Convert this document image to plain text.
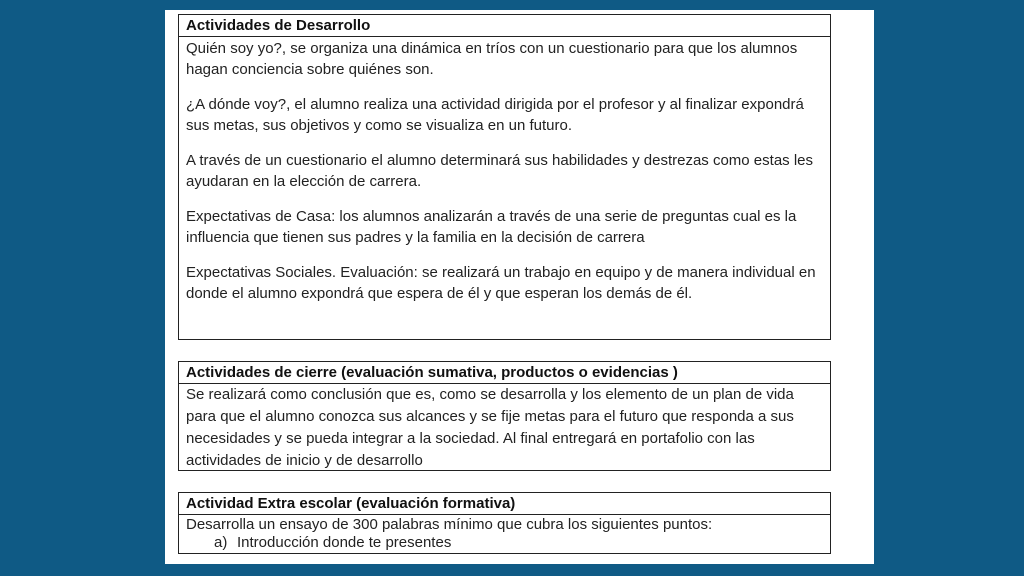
Actividades de Desarrollo

Quién soy yo?, se organiza una dinámica en tríos con un cuestionario para que los alumnos hagan conciencia sobre quiénes son.

¿A dónde voy?, el alumno realiza una actividad dirigida por el profesor y al finalizar expondrá sus metas, sus objetivos y como se visualiza en un futuro.

A través de un cuestionario el alumno determinará sus habilidades y destrezas como estas les ayudaran en la elección de carrera.

Expectativas de Casa: los alumnos analizarán a través de una serie de preguntas cual es la influencia que tienen sus padres y la familia en la decisión de carrera

Expectativas Sociales. Evaluación: se realizará un trabajo en equipo y de manera individual en donde el alumno expondrá que espera de él y que esperan los demás de él.

Actividades de cierre (evaluación sumativa, productos o evidencias )
Se realizará como conclusión que es, como se desarrolla y los elemento de un plan de vida para que el alumno conozca sus alcances y se fije metas para el futuro que responda a sus necesidades y se pueda integrar a la sociedad. Al final entregará en portafolio con las actividades de inicio y de desarrollo
Actividad Extra escolar (evaluación formativa)
Desarrolla un ensayo de 300 palabras mínimo que cubra los siguientes puntos:
a) Introducción donde te presentes
